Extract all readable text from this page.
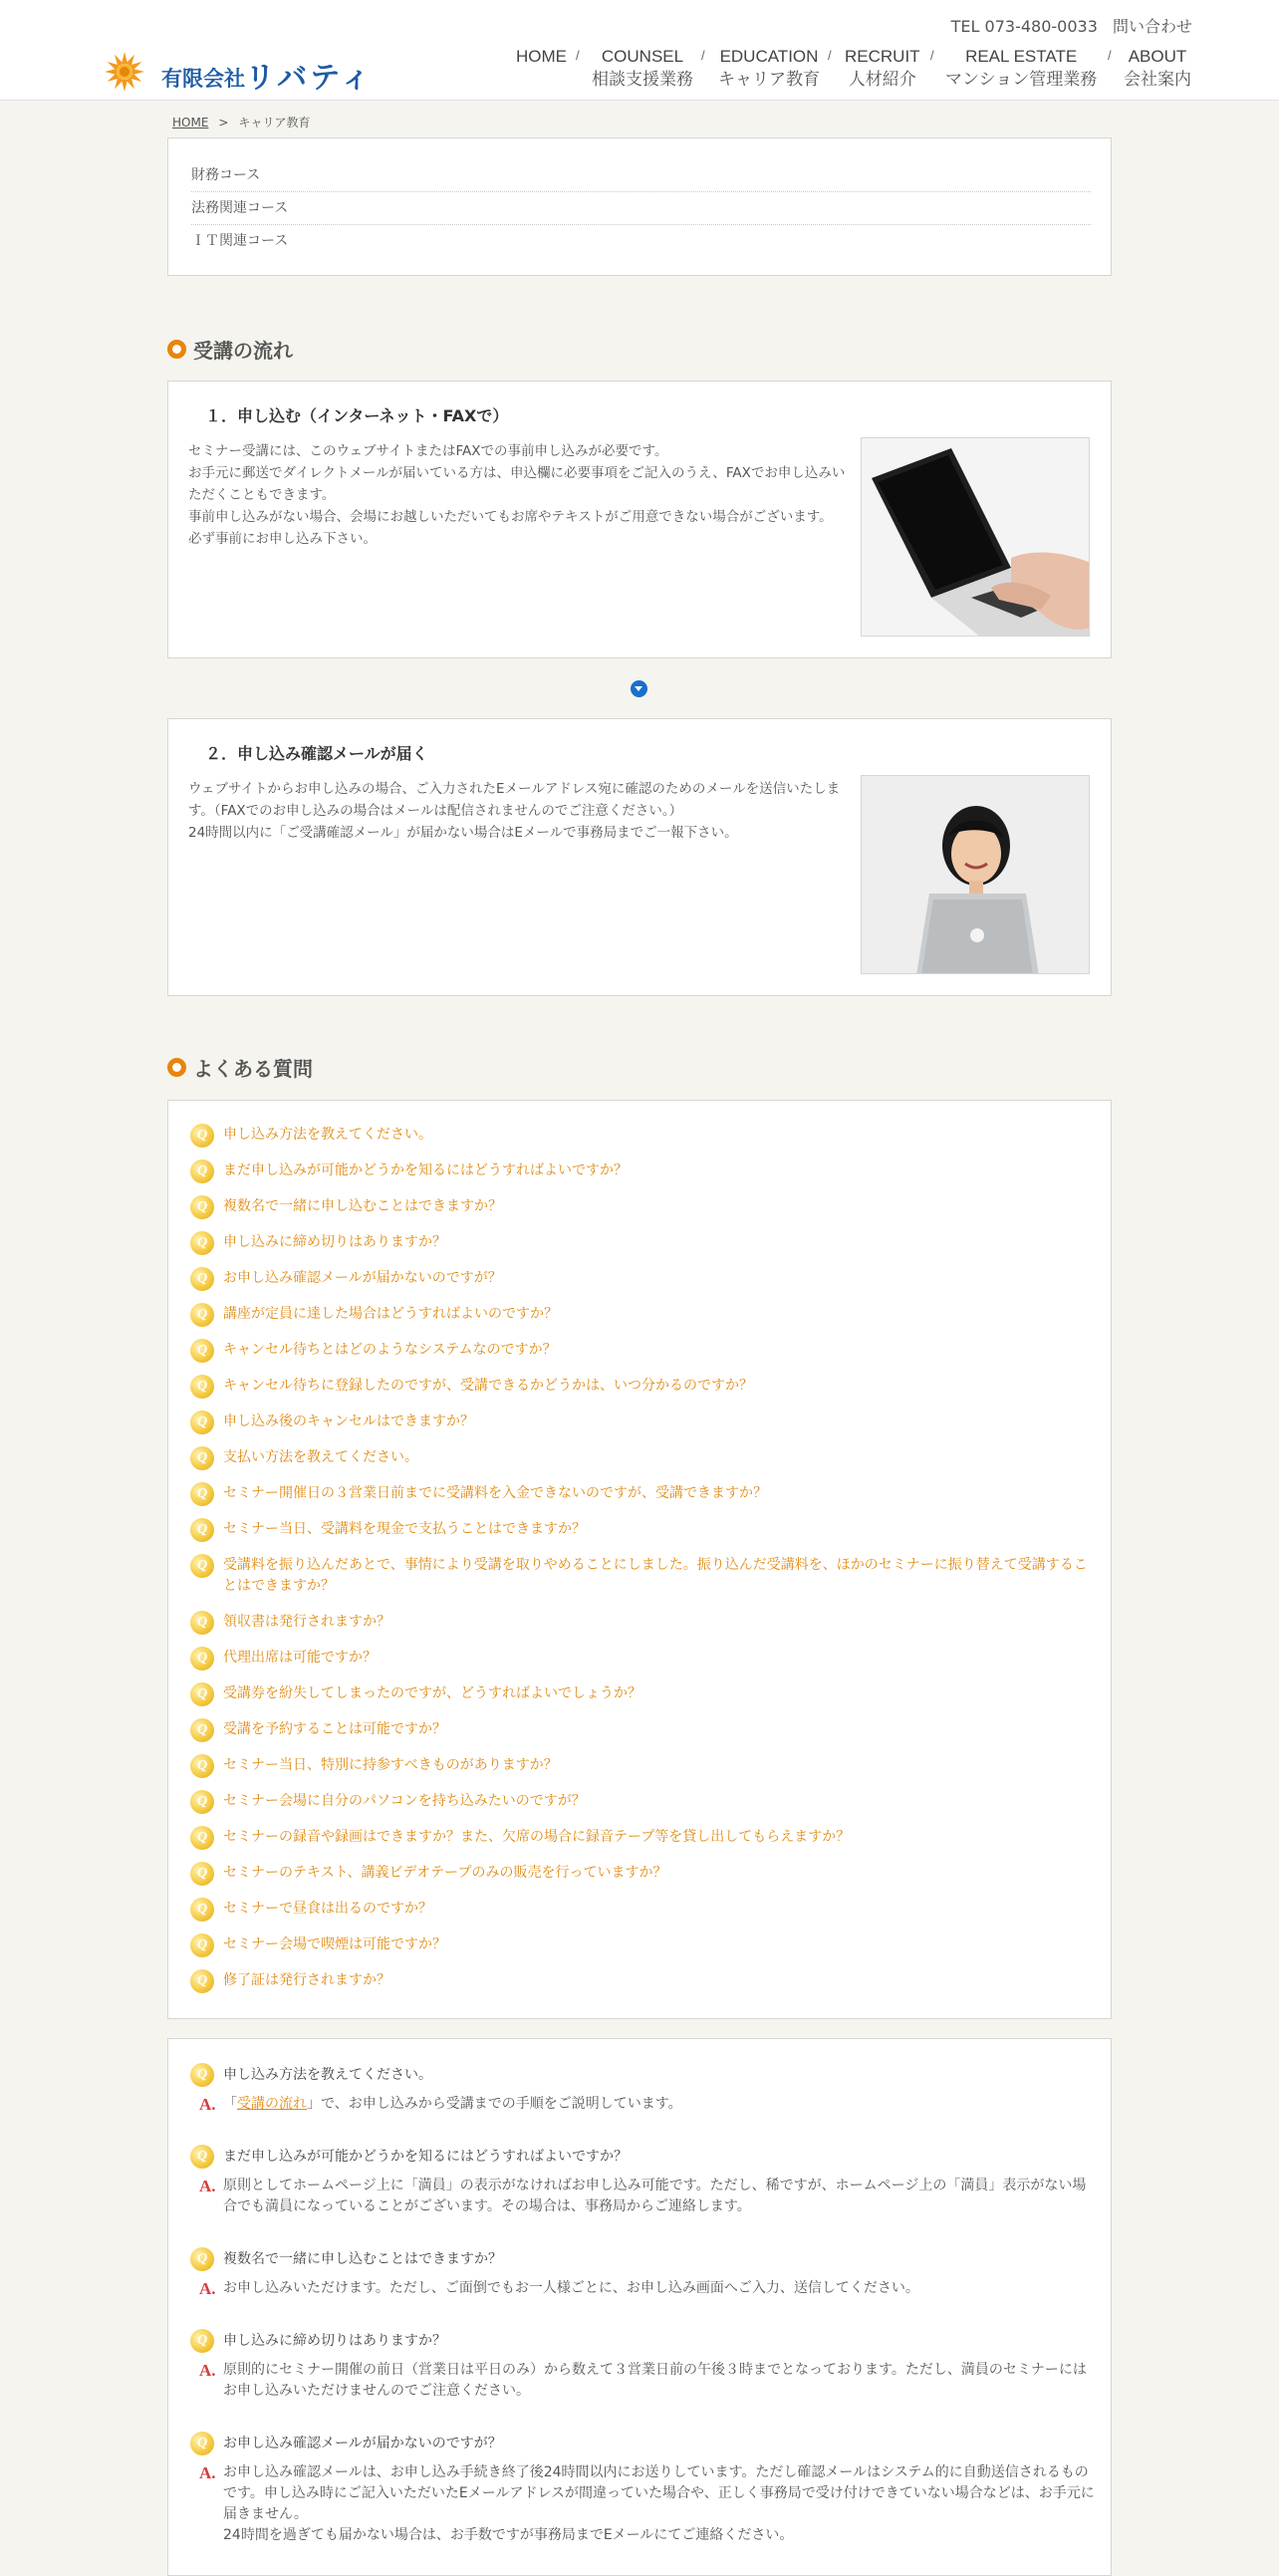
TEL 073-480-0033 問い合わせ
有限会社リバティ
HOME /	COUNSEL
相談支援業務
/ EDUCATION
キャリア教育
/ RECRUIT
人材紹介
/	REAL ESTATE
マンション管理業務
/ ABOUT
会社案内
HOME > キャリア教育
財務コース
法務関連コース
ＩＴ関連コース
受講の流れ
１．申し込む（インターネット・FAXで）

セミナー受講には、このウェブサイトまたはFAXでの事前申し込みが必要です。

お手元に郵送でダイレクトメールが届いている方は、申込欄に必要事項をご記入のうえ、FAXでお申し込みいただくこともできます。

事前申し込みがない場合、会場にお越しいただいてもお席やテキストがご用意できない場合がございます。必ず事前にお申し込み下さい。

２．申し込み確認メールが届く

ウェブサイトからお申し込みの場合、ご入力されたEメールアドレス宛に確認のためのメールを送信いたします。（FAXでのお申し込みの場合はメールは配信されませんのでご注意ください。）

24時間以内に「ご受講確認メール」が届かない場合はEメールで事務局までご一報下さい。

よくある質問
Q	申し込み方法を教えてください。
Q	まだ申し込みが可能かどうかを知るにはどうすればよいですか？
Q	複数名で一緒に申し込むことはできますか？
Q	申し込みに締め切りはありますか？
Q	お申し込み確認メールが届かないのですが？
Q	講座が定員に達した場合はどうすればよいのですか？
Q	キャンセル待ちとはどのようなシステムなのですか？
Q	キャンセル待ちに登録したのですが、受講できるかどうかは、いつ分かるのですか？
Q	申し込み後のキャンセルはできますか？
Q	支払い方法を教えてください。
Q	セミナー開催日の３営業日前までに受講料を入金できないのですが、受講できますか？
Q	セミナー当日、受講料を現金で支払うことはできますか？
Q	受講料を振り込んだあとで、事情により受講を取りやめることにしました。振り込んだ受講料を、ほかのセミナーに振り替えて受講することはできますか？
Q	領収書は発行されますか？
Q	代理出席は可能ですか？
Q	受講券を紛失してしまったのですが、どうすればよいでしょうか？
Q	受講を予約することは可能ですか？
Q	セミナー当日、特別に持参すべきものがありますか？
Q	セミナー会場に自分のパソコンを持ち込みたいのですが？
Q	セミナーの録音や録画はできますか？また、欠席の場合に録音テープ等を貸し出してもらえますか？
Q	セミナーのテキスト、講義ビデオテープのみの販売を行っていますか？
Q	セミナーで昼食は出るのですか？
Q	セミナー会場で喫煙は可能ですか？
Q	修了証は発行されますか？
Q	申し込み方法を教えてください。
A. 「受講の流れ」で、お申し込みから受講までの手順をご説明しています。
Q	まだ申し込みが可能かどうかを知るにはどうすればよいですか？
A. 原則としてホームページ上に「満員」の表示がなければお申し込み可能です。ただし、稀ですが、ホームページ上の「満員」表示がない場合でも満員になっていることがございます。その場合は、事務局からご連絡します。
Q	複数名で一緒に申し込むことはできますか？
A. お申し込みいただけます。ただし、ご面倒でもお一人様ごとに、お申し込み画面へご入力、送信してください。
Q	申し込みに締め切りはありますか？
A. 原則的にセミナー開催の前日（営業日は平日のみ）から数えて３営業日前の午後３時までとなっております。ただし、満員のセミナーにはお申し込みいただけませんのでご注意ください。
Q	お申し込み確認メールが届かないのですが？
A. お申し込み確認メールは、お申し込み手続き終了後24時間以内にお送りしています。ただし確認メールはシステム的に自動送信されるものです。申し込み時にご記入いただいたEメールアドレスが間違っていた場合や、正しく事務局で受け付けできていない場合などは、お手元に届きません。
24時間を過ぎても届かない場合は、お手数ですが事務局までEメールにてご連絡ください。
